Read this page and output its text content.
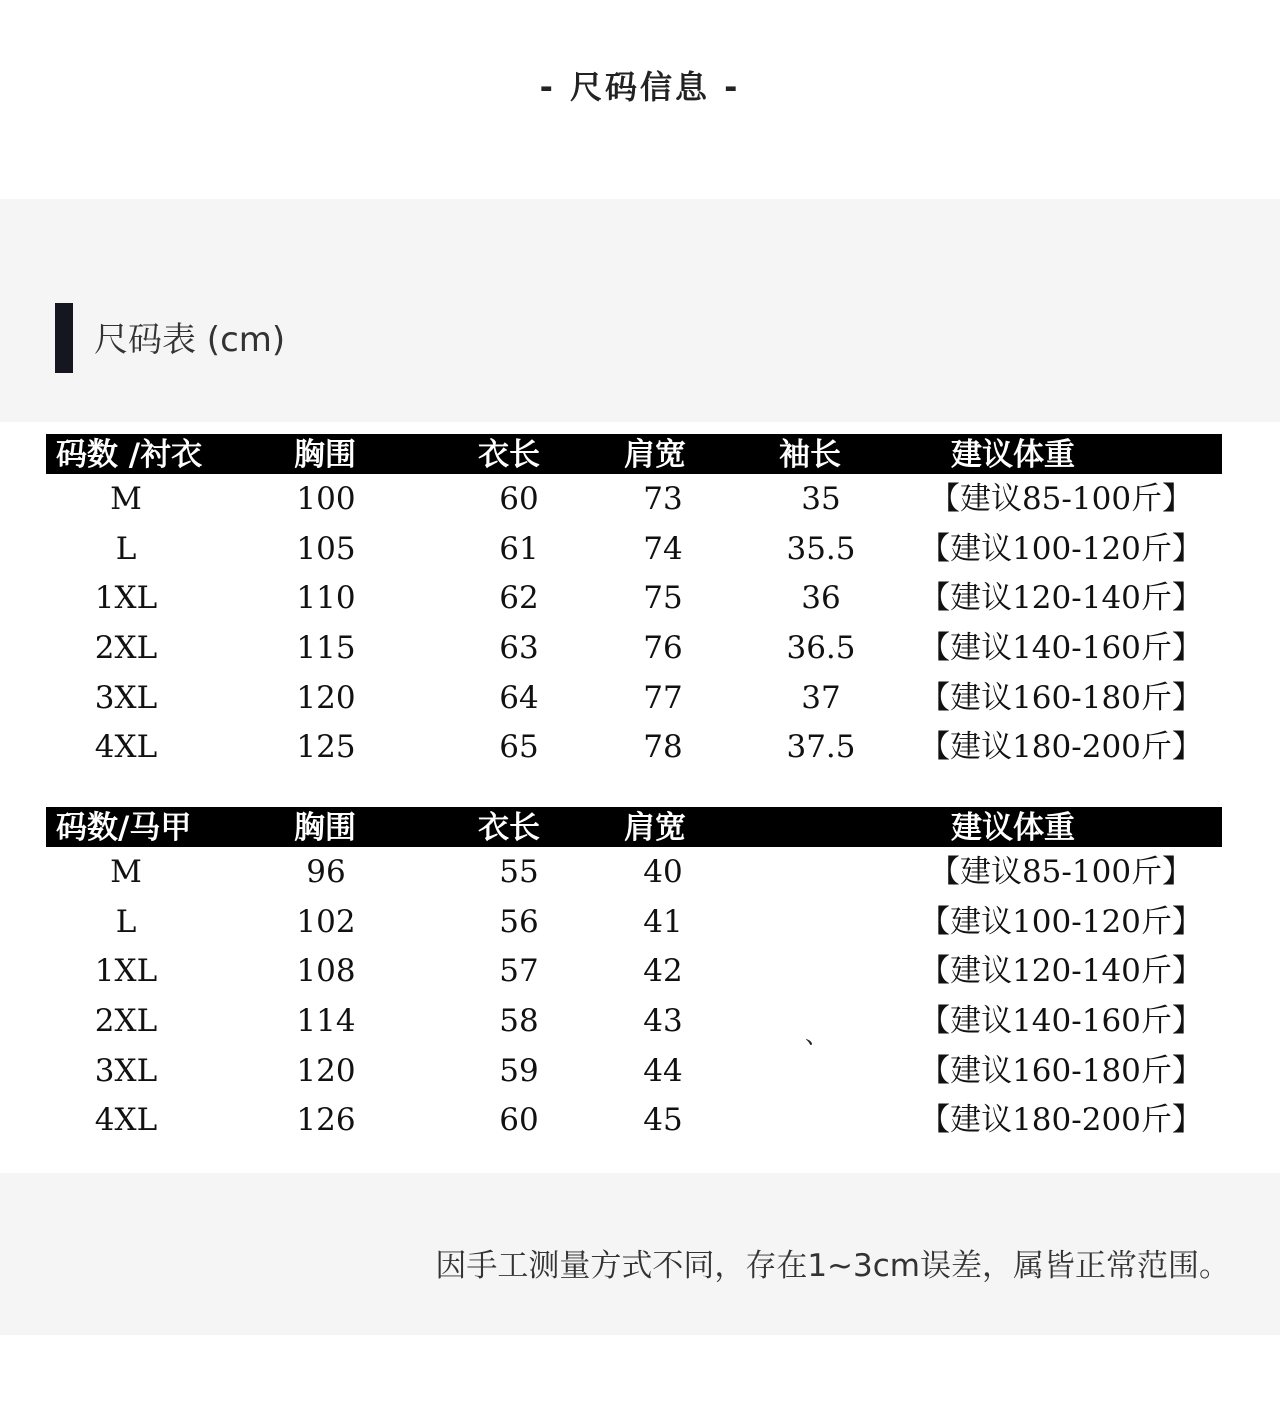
- 尺码信息 -
尺码表 (cm)
码数 /衬衣	胸围	衣长	肩宽	袖长	建议体重
M	100	60	73	35	【建议85-100斤】
L	105	61	74	35.5	【建议100-120斤】
1XL	110	62	75	36	【建议120-140斤】
2XL	115	63	76	36.5	【建议140-160斤】
3XL	120	64	77	37	【建议160-180斤】
4XL	125	65	78	37.5	【建议180-200斤】
码数/马甲	胸围	衣长	肩宽	建议体重
M	96	55	40	【建议85-100斤】
L	102	56	41	【建议100-120斤】
1XL	108	57	42	【建议120-140斤】
2XL	114	58	43	【建议140-160斤】
3XL	120	59	44	【建议160-180斤】
4XL	126	60	45	【建议180-200斤】
、
因手工测量方式不同，存在1~3cm误差，属皆正常范围。
